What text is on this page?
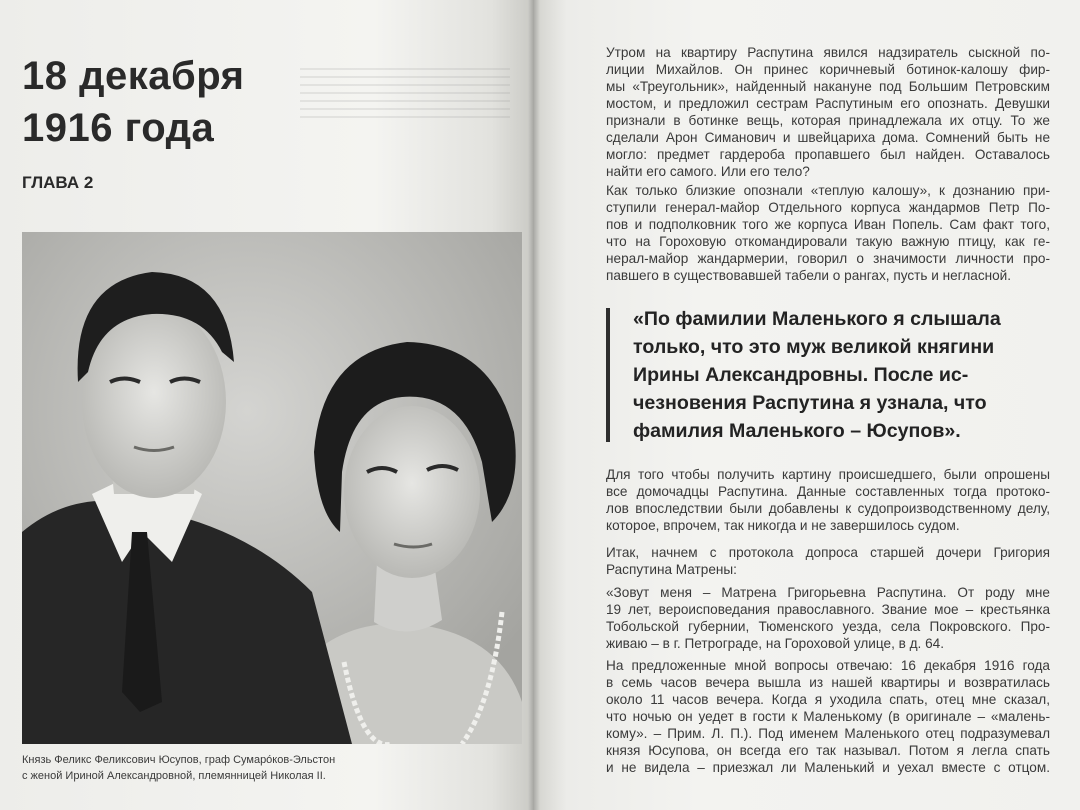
18 декабря
1916 года
ГЛАВА 2

Князь Феликс Феликсович Юсупов, граф Сумарóков-Эльстон
с женой Ириной Александровной, племянницей Николая II.

Утром на квартиру Распутина явился надзиратель сыскной по-
лиции Михайлов. Он принес коричневый ботинок-калошу фир-
мы «Треугольник», найденный накануне под Большим Петровским
мостом, и предложил сестрам Распутиным его опознать. Девушки
признали в ботинке вещь, которая принадлежала их отцу. То же
сделали Арон Симанович и швейцариха дома. Сомнений быть не
могло: предмет гардероба пропавшего был найден. Оставалось
найти его самого. Или его тело?

Как только близкие опознали «теплую калошу», к дознанию при-
ступили генерал-майор Отдельного корпуса жандармов Петр По-
пов и подполковник того же корпуса Иван Попель. Сам факт того,
что на Гороховую откомандировали такую важную птицу, как ге-
нерал-майор жандармерии, говорил о значимости личности про-
павшего в существовавшей табели о рангах, пусть и негласной.

«По фамилии Маленького я слышала
только, что это муж великой княгини
Ирины Александровны. После ис-
чезновения Распутина я узнала, что
фамилия Маленького – Юсупов».

Для того чтобы получить картину происшедшего, были опрошены
все домочадцы Распутина. Данные составленных тогда протоко-
лов впоследствии были добавлены к судопроизводственному делу,
которое, впрочем, так никогда и не завершилось судом.

Итак, начнем с протокола допроса старшей дочери Григория
Распутина Матрены:

«Зовут меня – Матрена Григорьевна Распутина. От роду мне
19 лет, вероисповедания православного. Звание мое – крестьянка
Тобольской губернии, Тюменского уезда, села Покровского. Про-
живаю – в г. Петрограде, на Гороховой улице, в д. 64.

На предложенные мной вопросы отвечаю: 16 декабря 1916 года
в семь часов вечера вышла из нашей квартиры и возвратилась
около 11 часов вечера. Когда я уходила спать, отец мне сказал,
что ночью он уедет в гости к Маленькому (в оригинале – «малень-
кому». – Прим. Л. П.). Под именем Маленького отец подразумевал
князя Юсупова, он всегда его так называл. Потом я легла спать
и не видела – приезжал ли Маленький и уехал вместе с отцом.
